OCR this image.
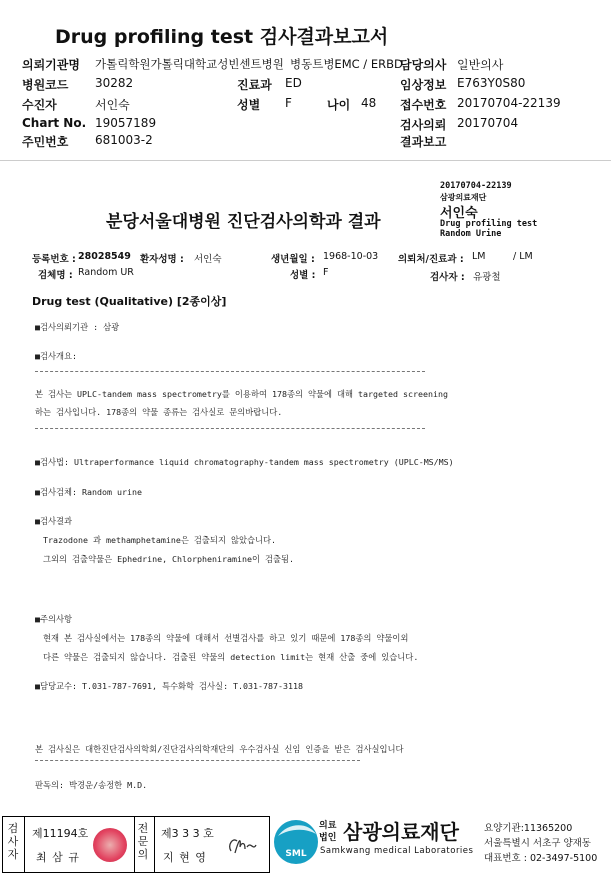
Drug profiling test 검사결과보고서
의뢰기관명 가톨릭학원가톨릭대학교성빈센트병원 병동트병EMC / ERBD
담당의사 일반의사
병원코드 30282	진료과 ED	임상정보 E763Y0S80
수진자	서인숙	성별 F	나이 48 접수번호 20170704-22139
Chart No. 19057189	검사의뢰 20170704
주민번호 681003-2	결과보고
20170704-22139
삼광의료재단
서인숙
Drug profiling test
Random Urine
분당서울대병원 진단검사의학과 결과
등록번호 : 28028549 환자성명 : 서인숙	생년월일 : 1968-10-03 의뢰처/진료과 : LM	/ LM
검체명 : Random UR	성별 : F	검사자 : 유광철
Drug test (Qualitative) [2종이상]
■검사의뢰기관 : 삼광
■검사개요:
본 검사는 UPLC-tandem mass spectrometry를 이용하여 178종의 약물에 대해 targeted screening
하는 검사입니다. 178종의 약물 종류는 검사실로 문의바랍니다.
■검사법: Ultraperformance liquid chromatography-tandem mass spectrometry (UPLC-MS/MS)
■검사검체: Random urine
■검사결과
Trazodone 과 methamphetamine은 검출되지 않았습니다.
그외의 검출약물은 Ephedrine, Chlorpheniramine이 검출됨.
■주의사항
현재 본 검사실에서는 178종의 약물에 대해서 선별검사를 하고 있기 때문에 178종의 약물이외
다른 약물은 검출되지 않습니다. 검출된 약물의 detection limit는 현재 산출 중에 있습니다.
■담당교수: T.031-787-7691, 특수화학 검사실: T.031-787-3118
본 검사실은 대한진단검사의학회/진단검사의학재단의 우수검사실 신임 인증을 받은 검사실입니다
판독의: 박경운/송정한 M.D.
검
사
자
제11194호
최 삼 규
전
문
의
제3 3 3 호
지 현 영	SML
의료
법인 삼광의료재단
Samkwang medical Laboratories
요양기관:11365200
서울특별시 서초구 양재동
대표번호 : 02-3497-5100
